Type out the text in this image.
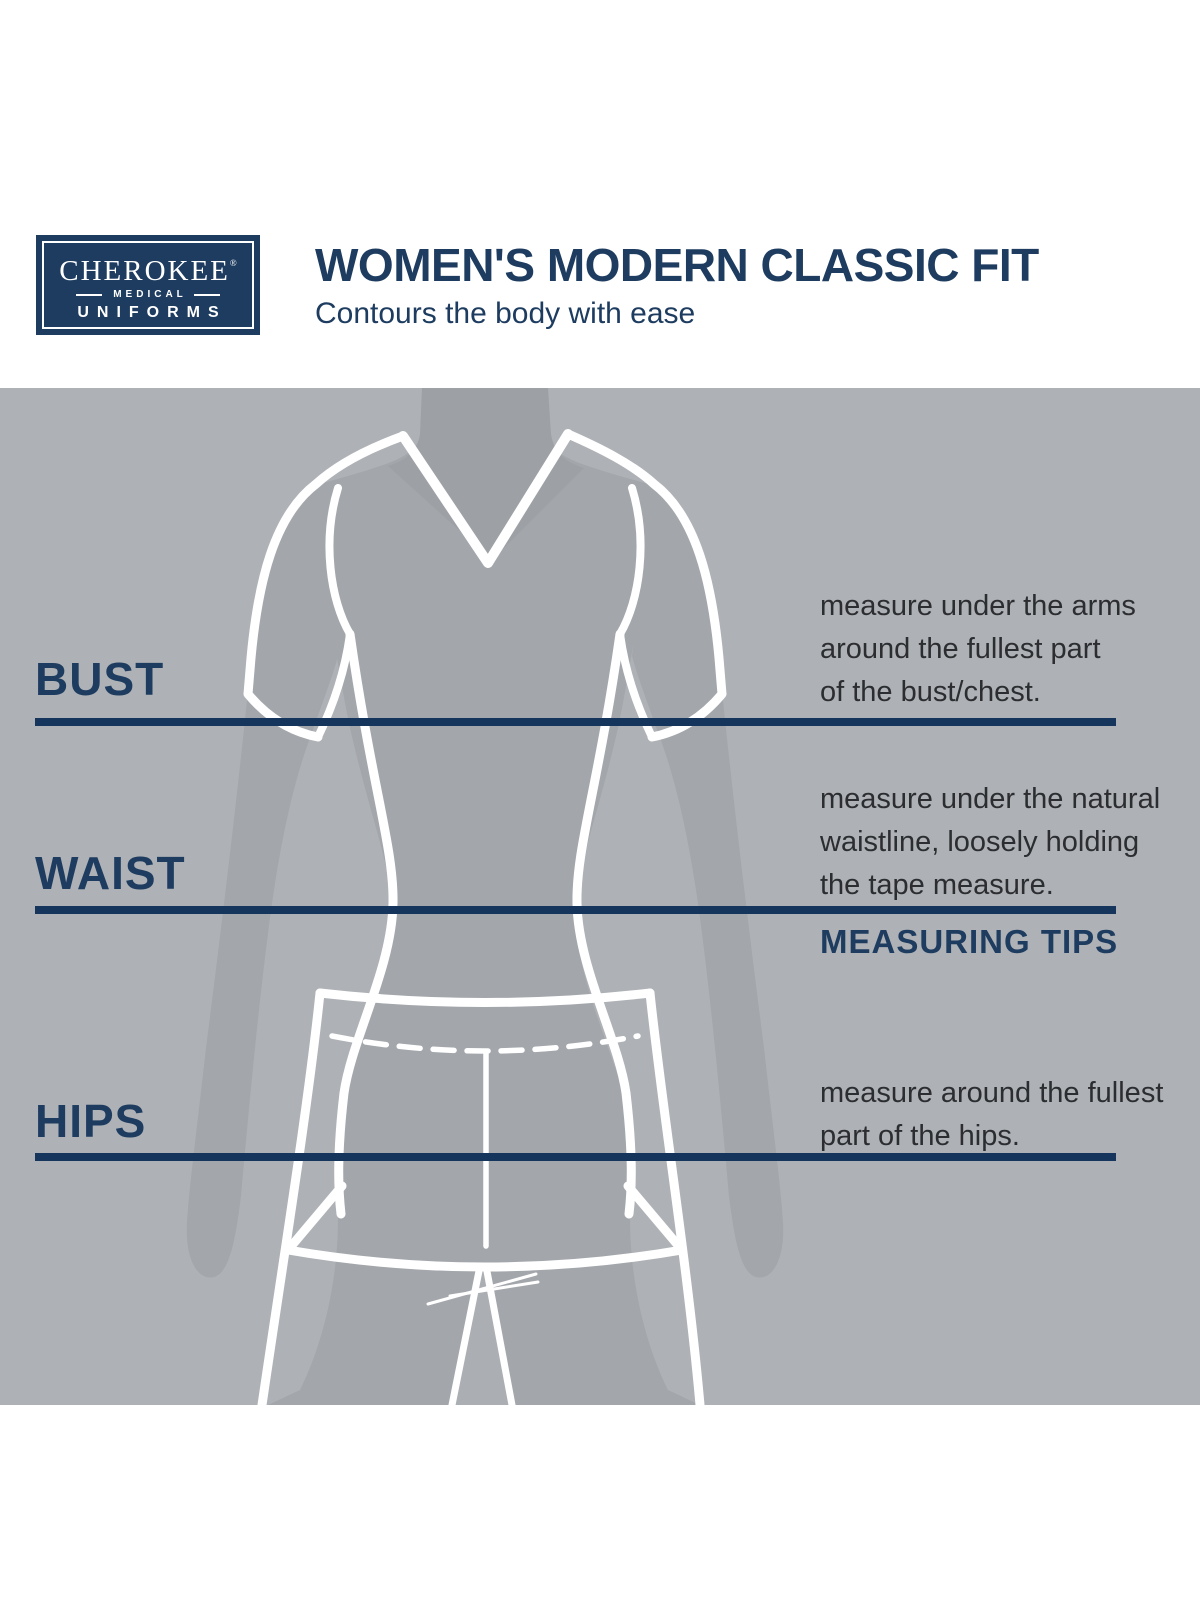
CHEROKEE®
MEDICAL
UNIFORMS
WOMEN'S MODERN CLASSIC FIT

Contours the body with ease

MEASURING TIPS
measure under the arms
around the fullest part
of the bust/chest.
measure under the natural
waistline, loosely holding
the tape measure.
measure around the fullest
part of the hips.
BUST
WAIST
HIPS
